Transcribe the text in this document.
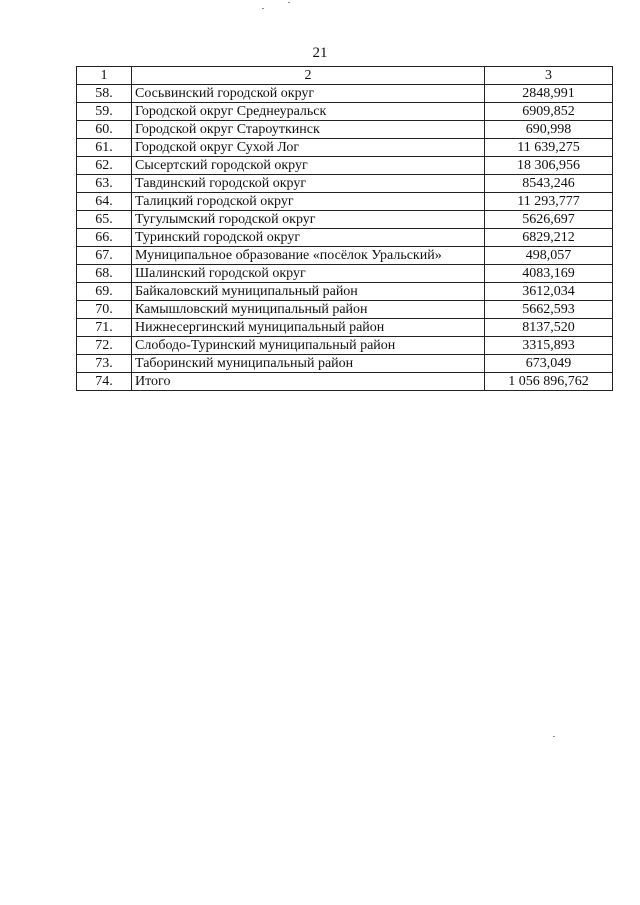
21
1	2	3
58.	Сосьвинский городской округ	2848,991
59.	Городской округ Среднеуральск	6909,852
60.	Городской округ Староуткинск	690,998
61.	Городской округ Сухой Лог	11 639,275
62.	Сысертский городской округ	18 306,956
63.	Тавдинский городской округ	8543,246
64.	Талицкий городской округ	11 293,777
65.	Тугулымский городской округ	5626,697
66.	Туринский городской округ	6829,212
67.	Муниципальное образование «посёлок Уральский»	498,057
68.	Шалинский городской округ	4083,169
69.	Байкаловский муниципальный район	3612,034
70.	Камышловский муниципальный район	5662,593
71.	Нижнесергинский муниципальный район	8137,520
72.	Слободо-Туринский муниципальный район	3315,893
73.	Таборинский муниципальный район	673,049
74.	Итого	1 056 896,762
